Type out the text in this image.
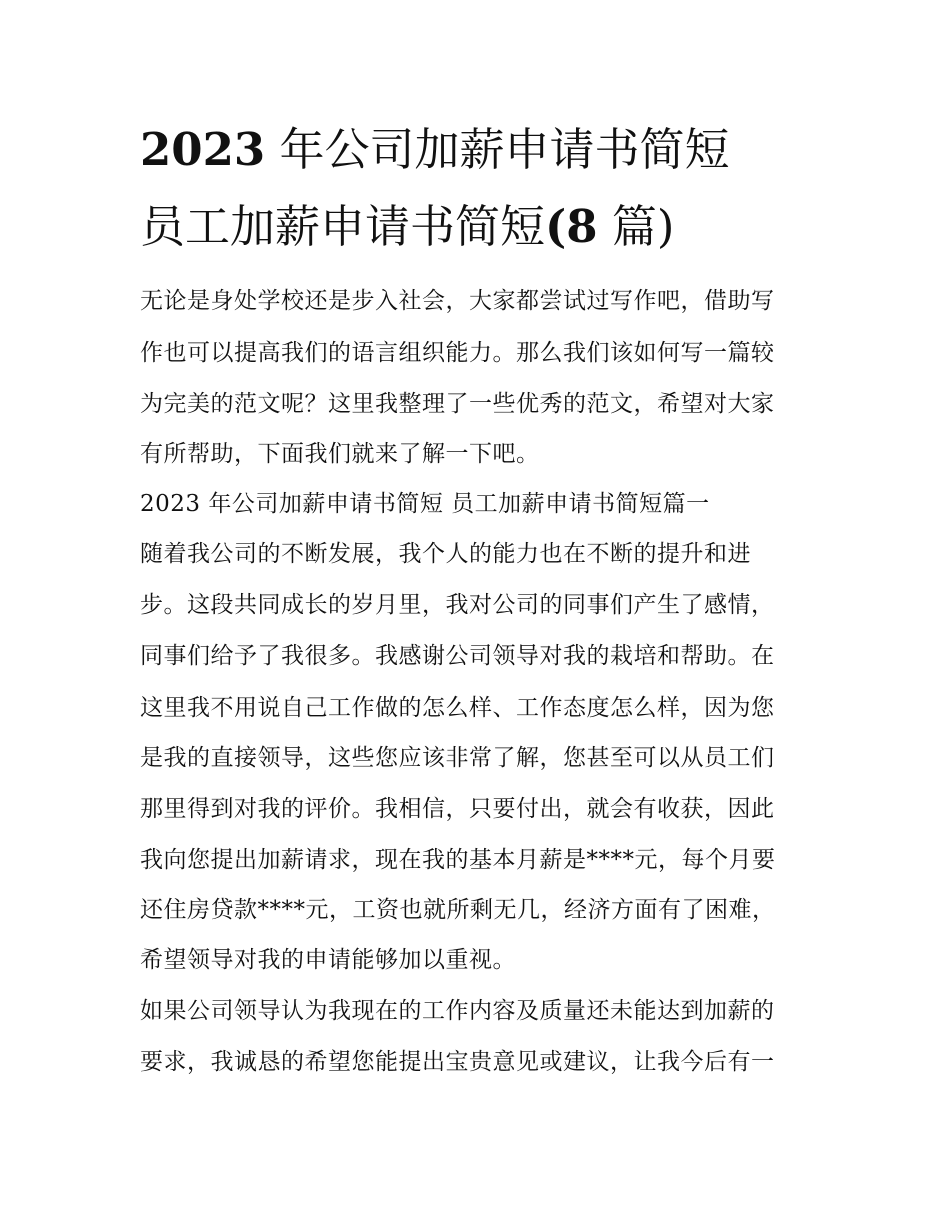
2023 年公司加薪申请书简短
员工加薪申请书简短(8 篇)
无论是身处学校还是步入社会，大家都尝试过写作吧，借助写
作也可以提高我们的语言组织能力。那么我们该如何写一篇较
为完美的范文呢？这里我整理了一些优秀的范文，希望对大家
有所帮助，下面我们就来了解一下吧。
2023 年公司加薪申请书简短 员工加薪申请书简短篇一
随着我公司的不断发展，我个人的能力也在不断的提升和进
步。这段共同成长的岁月里，我对公司的同事们产生了感情，
同事们给予了我很多。我感谢公司领导对我的栽培和帮助。在
这里我不用说自己工作做的怎么样、工作态度怎么样，因为您
是我的直接领导，这些您应该非常了解，您甚至可以从员工们
那里得到对我的评价。我相信，只要付出，就会有收获，因此
我向您提出加薪请求，现在我的基本月薪是****元，每个月要
还住房贷款****元，工资也就所剩无几，经济方面有了困难，
希望领导对我的申请能够加以重视。
如果公司领导认为我现在的工作内容及质量还未能达到加薪的
要求，我诚恳的希望您能提出宝贵意见或建议，让我今后有一
